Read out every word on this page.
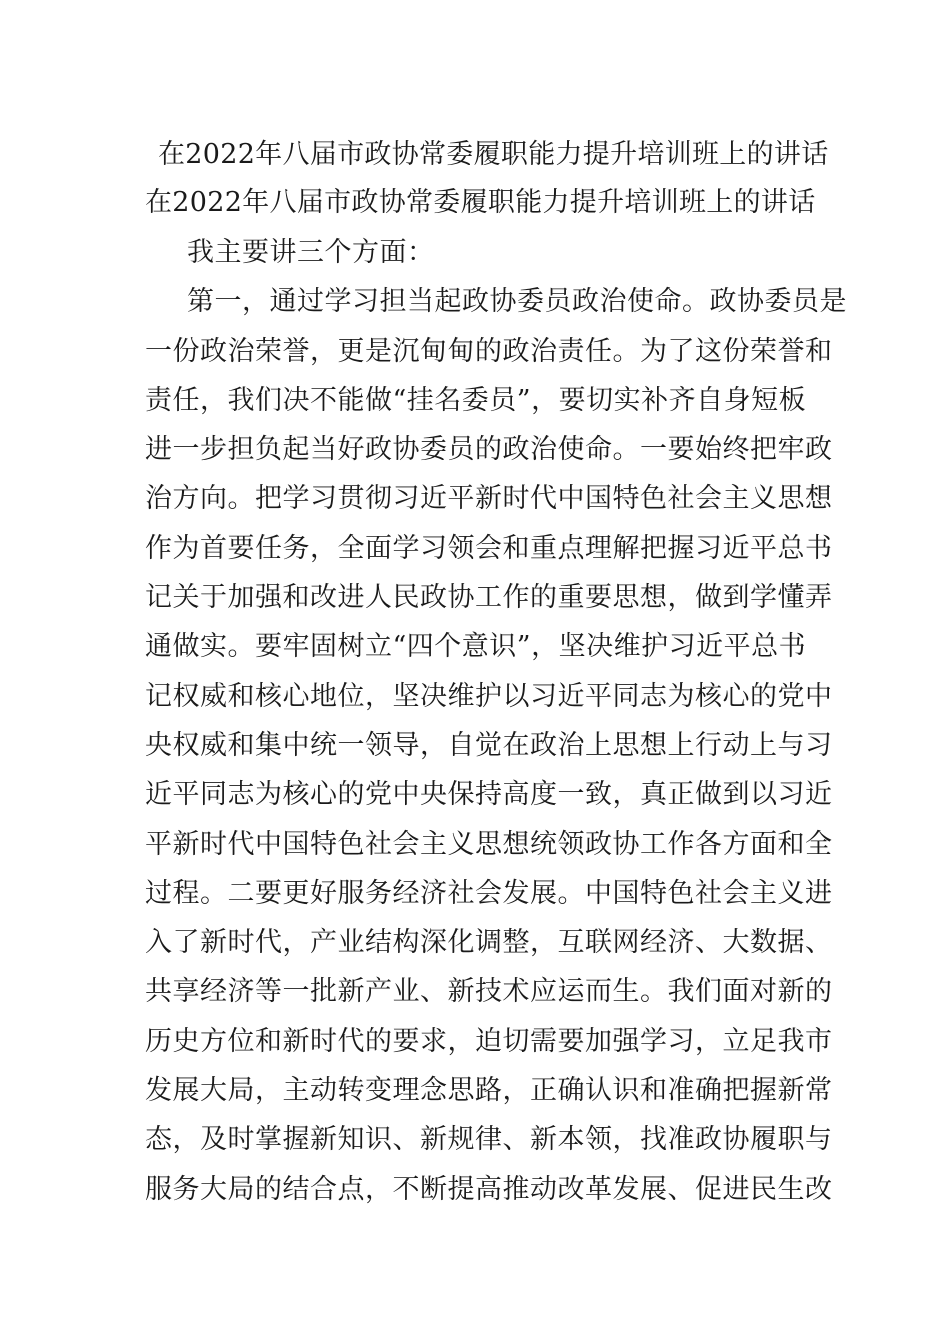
在2022年八届市政协常委履职能力提升培训班上的讲话
在2022年八届市政协常委履职能力提升培训班上的讲话
我主要讲三个方面：
第一，通过学习担当起政协委员政治使命。政协委员是
一份政治荣誉，更是沉甸甸的政治责任。为了这份荣誉和
责任，我们决不能做“挂名委员”，要切实补齐自身短板
进一步担负起当好政协委员的政治使命。一要始终把牢政
治方向。把学习贯彻习近平新时代中国特色社会主义思想
作为首要任务，全面学习领会和重点理解把握习近平总书
记关于加强和改进人民政协工作的重要思想，做到学懂弄
通做实。要牢固树立“四个意识”，坚决维护习近平总书
记权威和核心地位，坚决维护以习近平同志为核心的党中
央权威和集中统一领导，自觉在政治上思想上行动上与习
近平同志为核心的党中央保持高度一致，真正做到以习近
平新时代中国特色社会主义思想统领政协工作各方面和全
过程。二要更好服务经济社会发展。中国特色社会主义进
入了新时代，产业结构深化调整，互联网经济、大数据、
共享经济等一批新产业、新技术应运而生。我们面对新的
历史方位和新时代的要求，迫切需要加强学习，立足我市
发展大局，主动转变理念思路，正确认识和准确把握新常
态，及时掌握新知识、新规律、新本领，找准政协履职与
服务大局的结合点，不断提高推动改革发展、促进民生改
